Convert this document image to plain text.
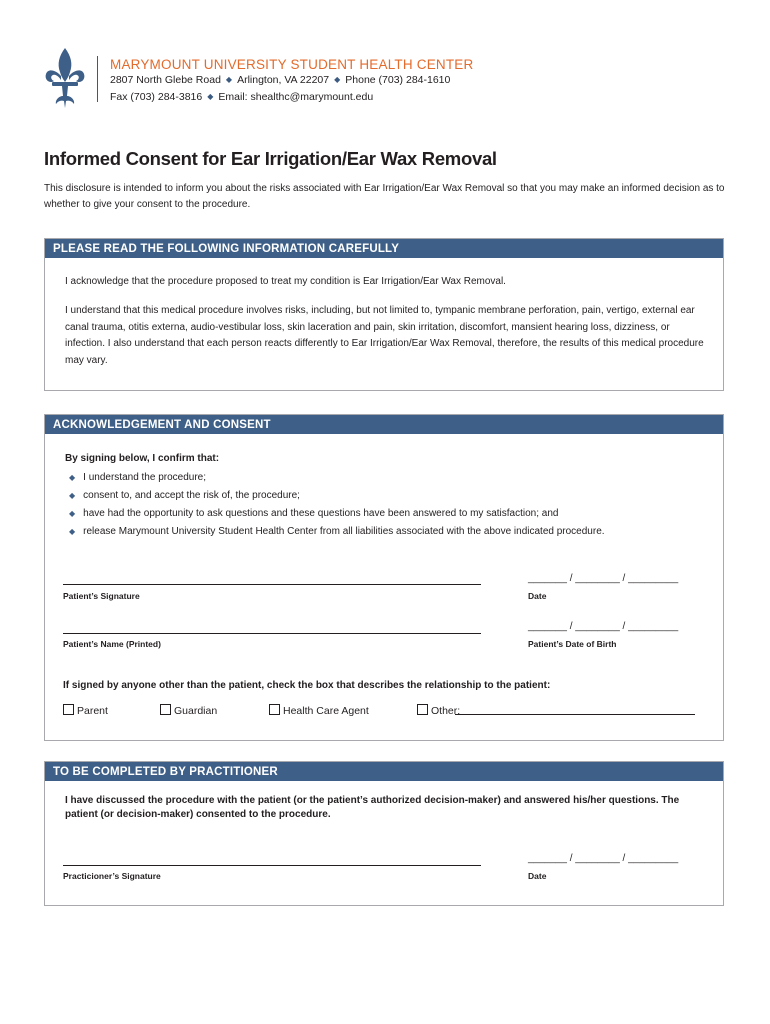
MARYMOUNT UNIVERSITY STUDENT HEALTH CENTER
2807 North Glebe Road ◆ Arlington, VA 22207 ◆ Phone (703) 284-1610
Fax (703) 284-3816 ◆ Email: shealthc@marymount.edu
Informed Consent for Ear Irrigation/Ear Wax Removal
This disclosure is intended to inform you about the risks associated with Ear Irrigation/Ear Wax Removal so that you may make an informed decision as to whether to give your consent to the procedure.
PLEASE READ THE FOLLOWING INFORMATION CAREFULLY
I acknowledge that the procedure proposed to treat my condition is Ear Irrigation/Ear Wax Removal.
I understand that this medical procedure involves risks, including, but not limited to, tympanic membrane perforation, pain, vertigo, external ear canal trauma, otitis externa, audio-vestibular loss, skin laceration and pain, skin irritation, discomfort, mansient hearing loss, dizziness, or infection. I also understand that each person reacts differently to Ear Irrigation/Ear Wax Removal, therefore, the results of this medical procedure may vary.
ACKNOWLEDGEMENT AND CONSENT
By signing below, I confirm that:
◆ I understand the procedure;
◆ consent to, and accept the risk of, the procedure;
◆ have had the opportunity to ask questions and these questions have been answered to my satisfaction; and
◆ release Marymount University Student Health Center from all liabilities associated with the above indicated procedure.
_______ / ________ / _________
Patient’s Signature	Date
_______ / ________ / _________
Patient’s Name (Printed)	Patient’s Date of Birth
If signed by anyone other than the patient, check the box that describes the relationship to the patient:
Parent	Guardian	Health Care Agent	Other:
TO BE COMPLETED BY PRACTITIONER
I have discussed the procedure with the patient (or the patient’s authorized decision-maker) and answered his/her questions. The patient (or decision-maker) consented to the procedure.
_______ / ________ / _________
Practicioner’s Signature	Date
